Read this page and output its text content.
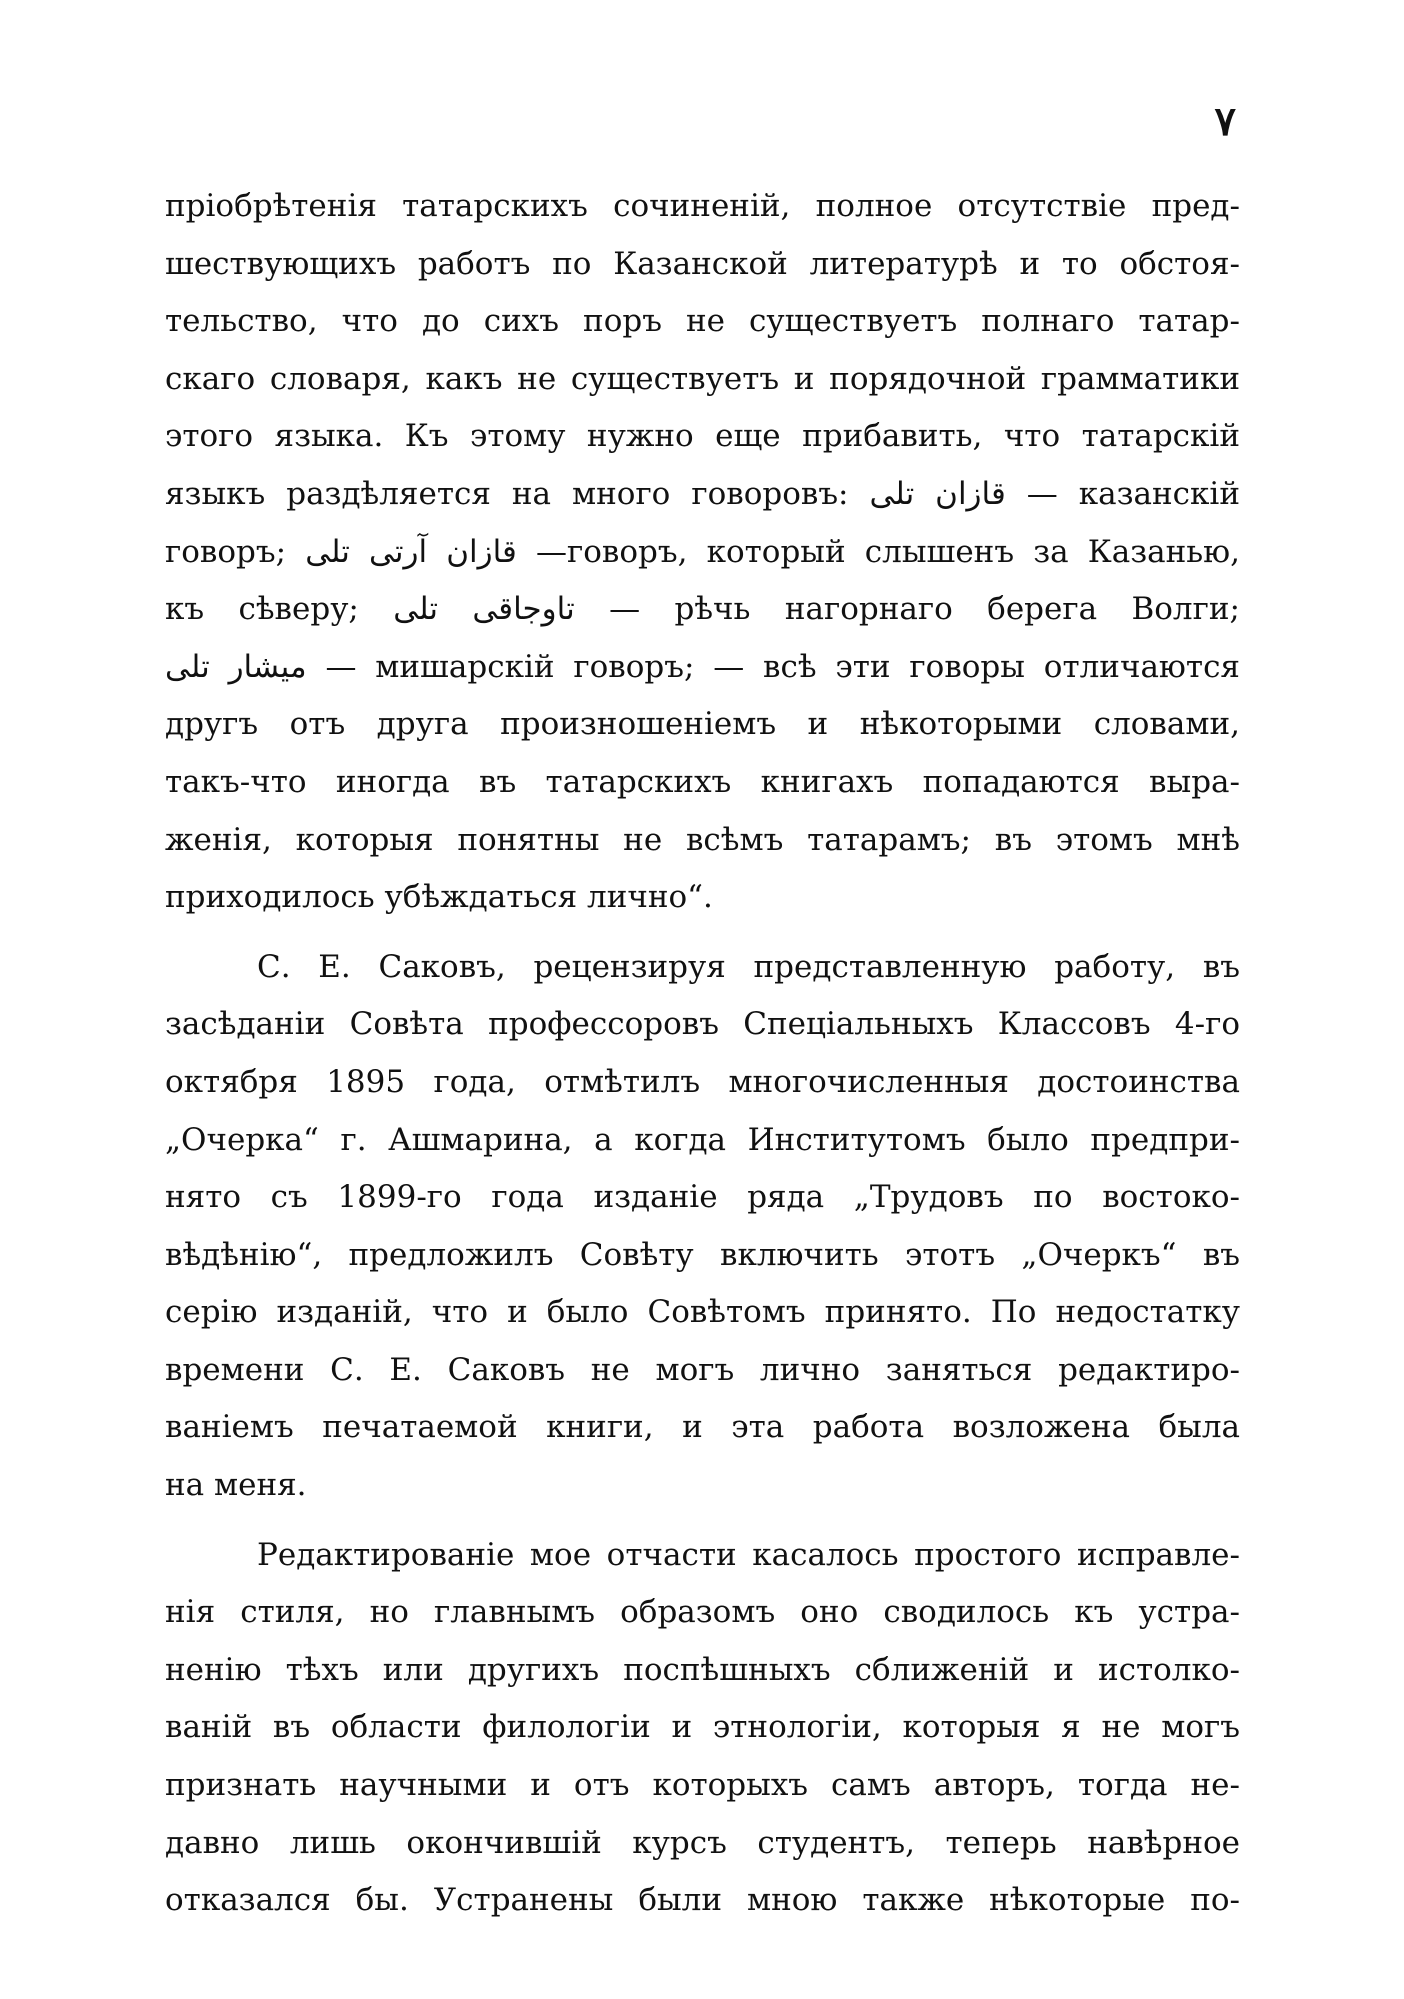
٧
пріобрѣтенія татарскихъ сочиненій, полное отсутствіе пред-
шествующихъ работъ по Казанской литературѣ и то обстоя-
тельство, что до сихъ поръ не существуетъ полнаго татар-
скаго словаря, какъ не существуетъ и порядочной грамматики
этого языка. Къ этому нужно еще прибавить, что татарскій
языкъ раздѣляется на много говоровъ: قازان تلى — казанскій
говоръ; قازان آرتى تلى —говоръ, который слышенъ за Казанью,
къ сѣверу; تاوجاقى تلى — рѣчь нагорнаго берега Волги;
میشار تلى — мишарскій говоръ; — всѣ эти говоры отличаются
другъ отъ друга произношеніемъ и нѣкоторыми словами,
такъ-что иногда въ татарскихъ книгахъ попадаются выра-
женія, которыя понятны не всѣмъ татарамъ; въ этомъ мнѣ
приходилось убѣждаться лично“.
С. Е. Саковъ, рецензируя представленную работу, въ
засѣданіи Совѣта профессоровъ Спеціальныхъ Классовъ 4-го
октября 1895 года, отмѣтилъ многочисленныя достоинства
„Очерка“ г. Ашмарина, а когда Институтомъ было предпри-
нято съ 1899-го года изданіе ряда „Трудовъ по востоко-
вѣдѣнію“, предложилъ Совѣту включить этотъ „Очеркъ“ въ
серію изданій, что и было Совѣтомъ принято. По недостатку
времени С. Е. Саковъ не могъ лично заняться редактиро-
ваніемъ печатаемой книги, и эта работа возложена была
на меня.
Редактированіе мое отчасти касалось простого исправле-
нія стиля, но главнымъ образомъ оно сводилось къ устра-
ненію тѣхъ или другихъ поспѣшныхъ сближеній и истолко-
ваній въ области филологіи и этнологіи, которыя я не могъ
признать научными и отъ которыхъ самъ авторъ, тогда не-
давно лишь окончившій курсъ студентъ, теперь навѣрное
отказался бы. Устранены были мною также нѣкоторые по-
